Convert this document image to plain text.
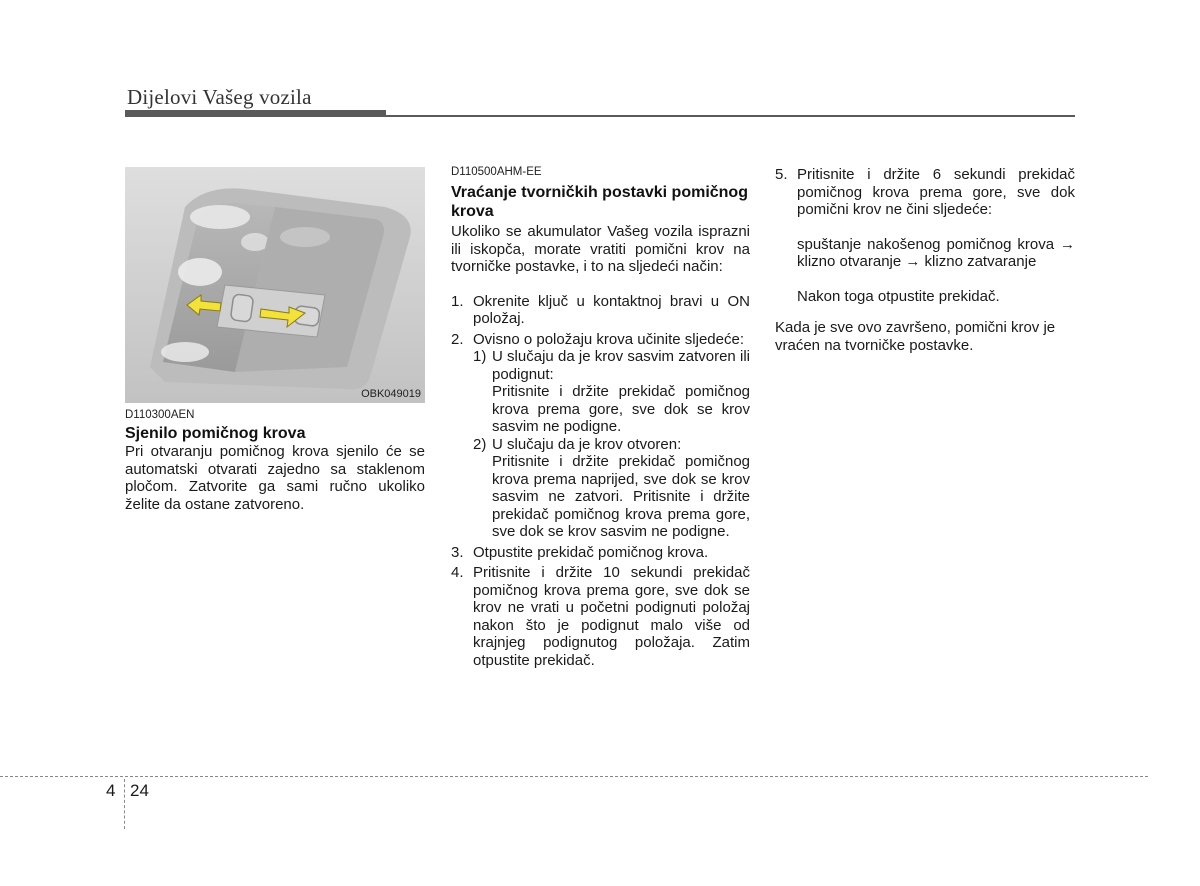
Dijelovi Vašeg vozila
OBK049019
D110300AEN
Sjenilo pomičnog krova
Pri otvaranju pomičnog krova sjenilo će se automatski otvarati zajedno sa staklenom pločom. Zatvorite ga sami ručno ukoliko želite da ostane zatvoreno.
D110500AHM-EE
Vraćanje tvorničkih postavki pomičnog krova
Ukoliko se akumulator Vašeg vozila isprazni ili iskopča, morate vratiti pomični krov na tvorničke postavke, i to na sljedeći način:
1. Okrenite ključ u kontaktnoj bravi u ON položaj.
2. Ovisno o položaju krova učinite sljedeće:
1) U slučaju da je krov sasvim zatvoren ili podignut:
Pritisnite i držite prekidač pomičnog krova prema gore, sve dok se krov sasvim ne podigne.
2) U slučaju da je krov otvoren:
Pritisnite i držite prekidač pomičnog krova prema naprijed, sve dok se krov sasvim ne zatvori. Pritisnite i držite prekidač pomičnog krova prema gore, sve dok se krov sasvim ne podigne.
3. Otpustite prekidač pomičnog krova.
4. Pritisnite i držite 10 sekundi prekidač pomičnog krova prema gore, sve dok se krov ne vrati u početni podignuti položaj nakon što je podignut malo više od krajnjeg podignutog položaja. Zatim otpustite prekidač.
5. Pritisnite i držite 6 sekundi prekidač pomičnog krova prema gore, sve dok pomični krov ne čini sljedeće:
spuštanje nakošenog pomičnog krova → klizno otvaranje → klizno zatvaranje
Nakon toga otpustite prekidač.
Kada je sve ovo završeno, pomični krov je vraćen na tvorničke postavke.
4 24
